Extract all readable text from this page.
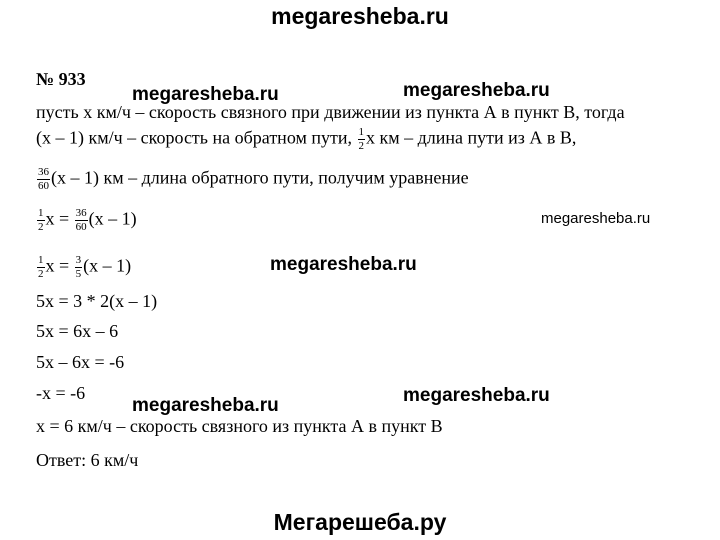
megaresheba.ru
megaresheba.ru	megaresheba.ru
megaresheba.ru
megaresheba.ru
megaresheba.ru	megaresheba.ru
№ 933
пусть х км/ч – скорость связного при движении из пункта А в пункт В, тогда
(х – 1) км/ч – скорость на обратном пути, $\frac{1}{2}$ х км – длина пути из А в В,
$\frac{36}{60} (х - 1)$ км – длина обратного пути, получим уравнение
$\frac{1}{2}$ $х = \frac{36}{60} (х - 1)$
$\frac{1}{2}$ $х = \frac{3}{5} (х - 1)$
5х = 3 * 2(х – 1)
5х = 6х – 6
5х – 6х = -6
-х = -6
х = 6 км/ч – скорость связного из пункта А в пункт В
Ответ: 6 км/ч
Мегарешеба.ру
